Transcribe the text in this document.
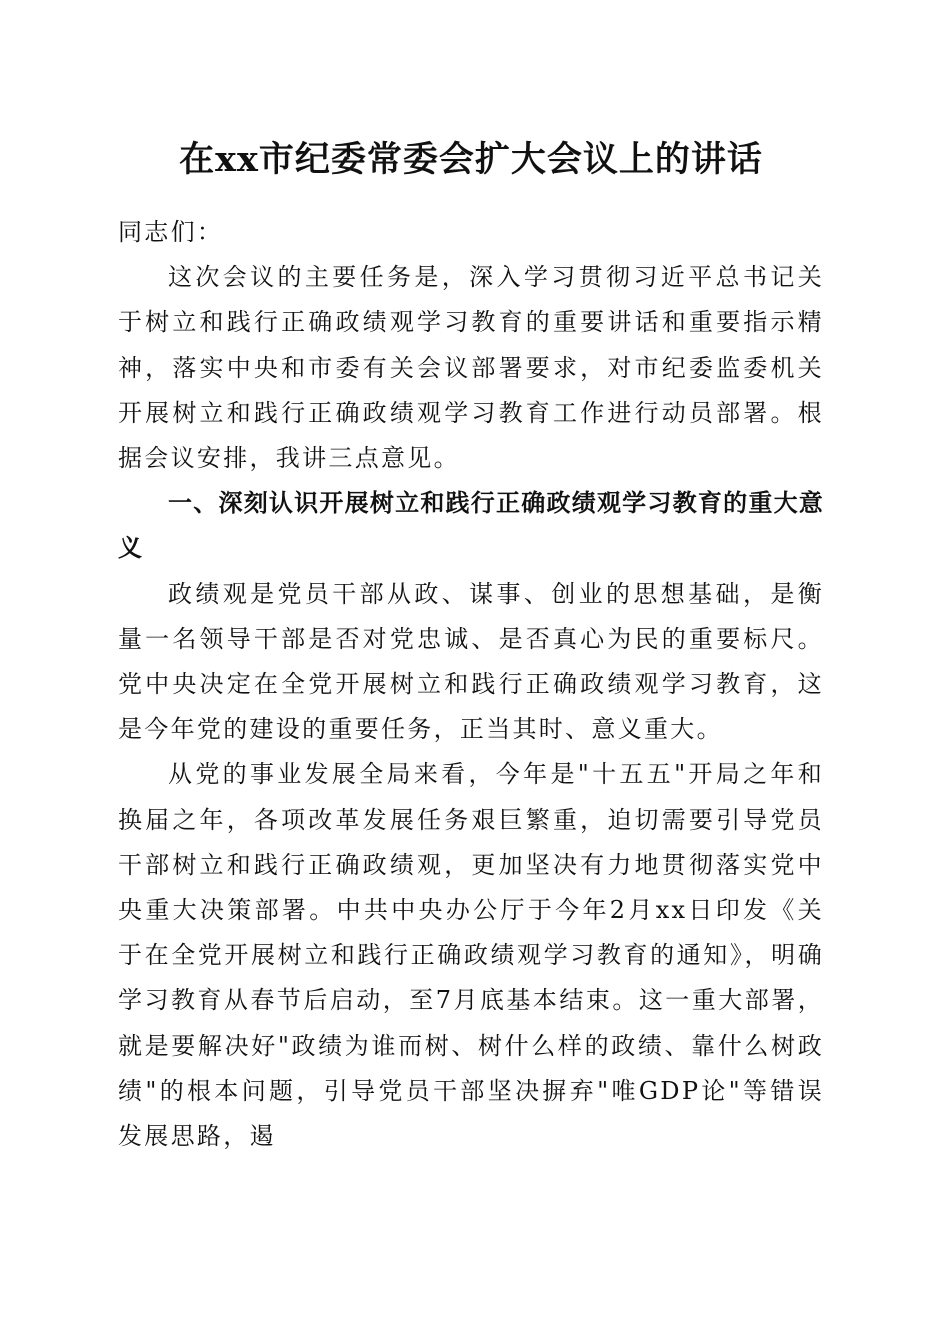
在xx市纪委常委会扩大会议上的讲话

同志们：

这次会议的主要任务是，深入学习贯彻习近平总书记关于树立和践行正确政绩观学习教育的重要讲话和重要指示精神，落实中央和市委有关会议部署要求，对市纪委监委机关开展树立和践行正确政绩观学习教育工作进行动员部署。根据会议安排，我讲三点意见。

一、深刻认识开展树立和践行正确政绩观学习教育的重大意义

政绩观是党员干部从政、谋事、创业的思想基础，是衡量一名领导干部是否对党忠诚、是否真心为民的重要标尺。党中央决定在全党开展树立和践行正确政绩观学习教育，这是今年党的建设的重要任务，正当其时、意义重大。

从党的事业发展全局来看，今年是"十五五"开局之年和换届之年，各项改革发展任务艰巨繁重，迫切需要引导党员干部树立和践行正确政绩观，更加坚决有力地贯彻落实党中央重大决策部署。中共中央办公厅于今年2月xx日印发《关于在全党开展树立和践行正确政绩观学习教育的通知》，明确学习教育从春节后启动，至7月底基本结束。这一重大部署，就是要解决好"政绩为谁而树、树什么样的政绩、靠什么树政绩"的根本问题，引导党员干部坚决摒弃"唯GDP论"等错误发展思路，遏
